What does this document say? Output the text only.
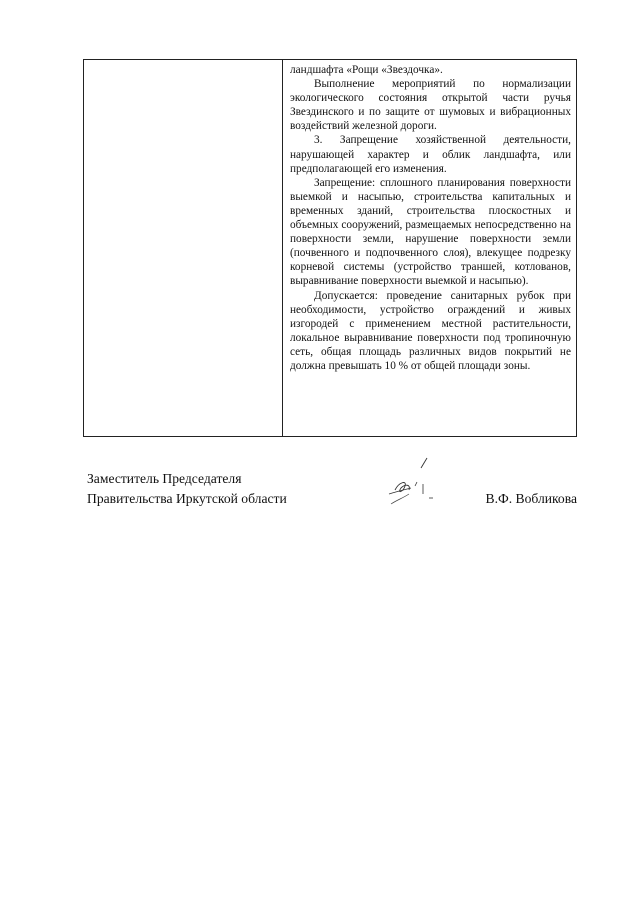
ландшафта «Рощи «Звездочка».

Выполнение мероприятий по нормализации экологического состояния открытой части ручья Звездинского и по защите от шумовых и вибрационных воздействий железной дороги.

3. Запрещение хозяйственной деятельности, нарушающей характер и облик ландшафта, или предполагающей его изменения.

Запрещение: сплошного планирования поверхности выемкой и насыпью, строительства капитальных и временных зданий, строительства плоскостных и объемных сооружений, размещаемых непосредственно на поверхности земли, нарушение поверхности земли (почвенного и подпочвенного слоя), влекущее подрезку корневой системы (устройство траншей, котлованов, выравнивание поверхности выемкой и насыпью).

Допускается: проведение санитарных рубок при необходимости, устройство ограждений и живых изгородей с применением местной растительности, локальное выравнивание поверхности под тропиночную сеть, общая площадь различных видов покрытий не должна превышать 10 % от общей площади зоны.

Заместитель Председателя
Правительства Иркутской области	В.Ф. Вобликова
